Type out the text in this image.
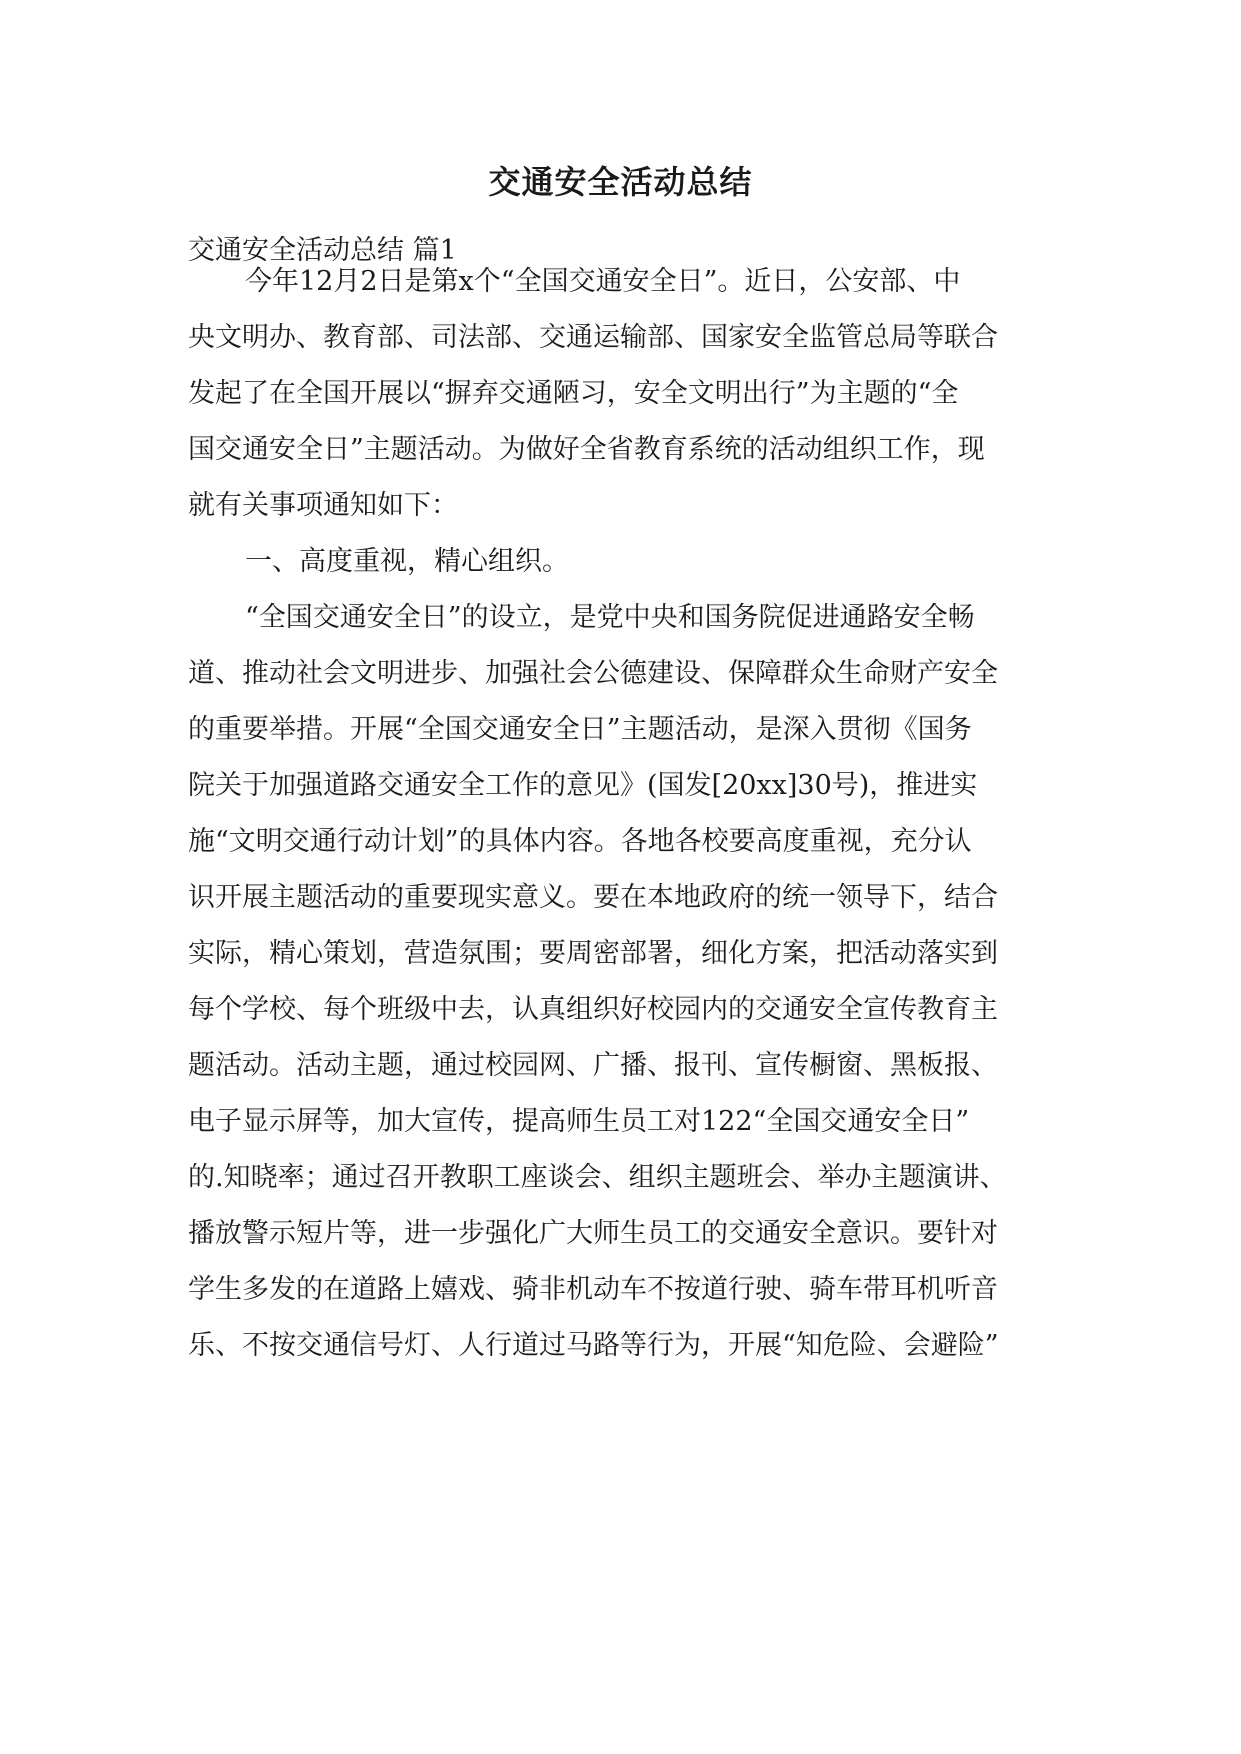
交通安全活动总结
交通安全活动总结 篇1
今年12月2日是第x个“全国交通安全日”。近日，公安部、中
央文明办、教育部、司法部、交通运输部、国家安全监管总局等联合
发起了在全国开展以“摒弃交通陋习，安全文明出行”为主题的“全
国交通安全日”主题活动。为做好全省教育系统的活动组织工作，现
就有关事项通知如下：
一、高度重视，精心组织。
“全国交通安全日”的设立，是党中央和国务院促进通路安全畅
道、推动社会文明进步、加强社会公德建设、保障群众生命财产安全
的重要举措。开展“全国交通安全日”主题活动，是深入贯彻《国务
院关于加强道路交通安全工作的意见》(国发[20xx]30号)，推进实
施“文明交通行动计划”的具体内容。各地各校要高度重视，充分认
识开展主题活动的重要现实意义。要在本地政府的统一领导下，结合
实际，精心策划，营造氛围；要周密部署，细化方案，把活动落实到
每个学校、每个班级中去，认真组织好校园内的交通安全宣传教育主
题活动。活动主题，通过校园网、广播、报刊、宣传橱窗、黑板报、
电子显示屏等，加大宣传，提高师生员工对122“全国交通安全日”
的.知晓率；通过召开教职工座谈会、组织主题班会、举办主题演讲、
播放警示短片等，进一步强化广大师生员工的交通安全意识。要针对
学生多发的在道路上嬉戏、骑非机动车不按道行驶、骑车带耳机听音
乐、不按交通信号灯、人行道过马路等行为，开展“知危险、会避险”
